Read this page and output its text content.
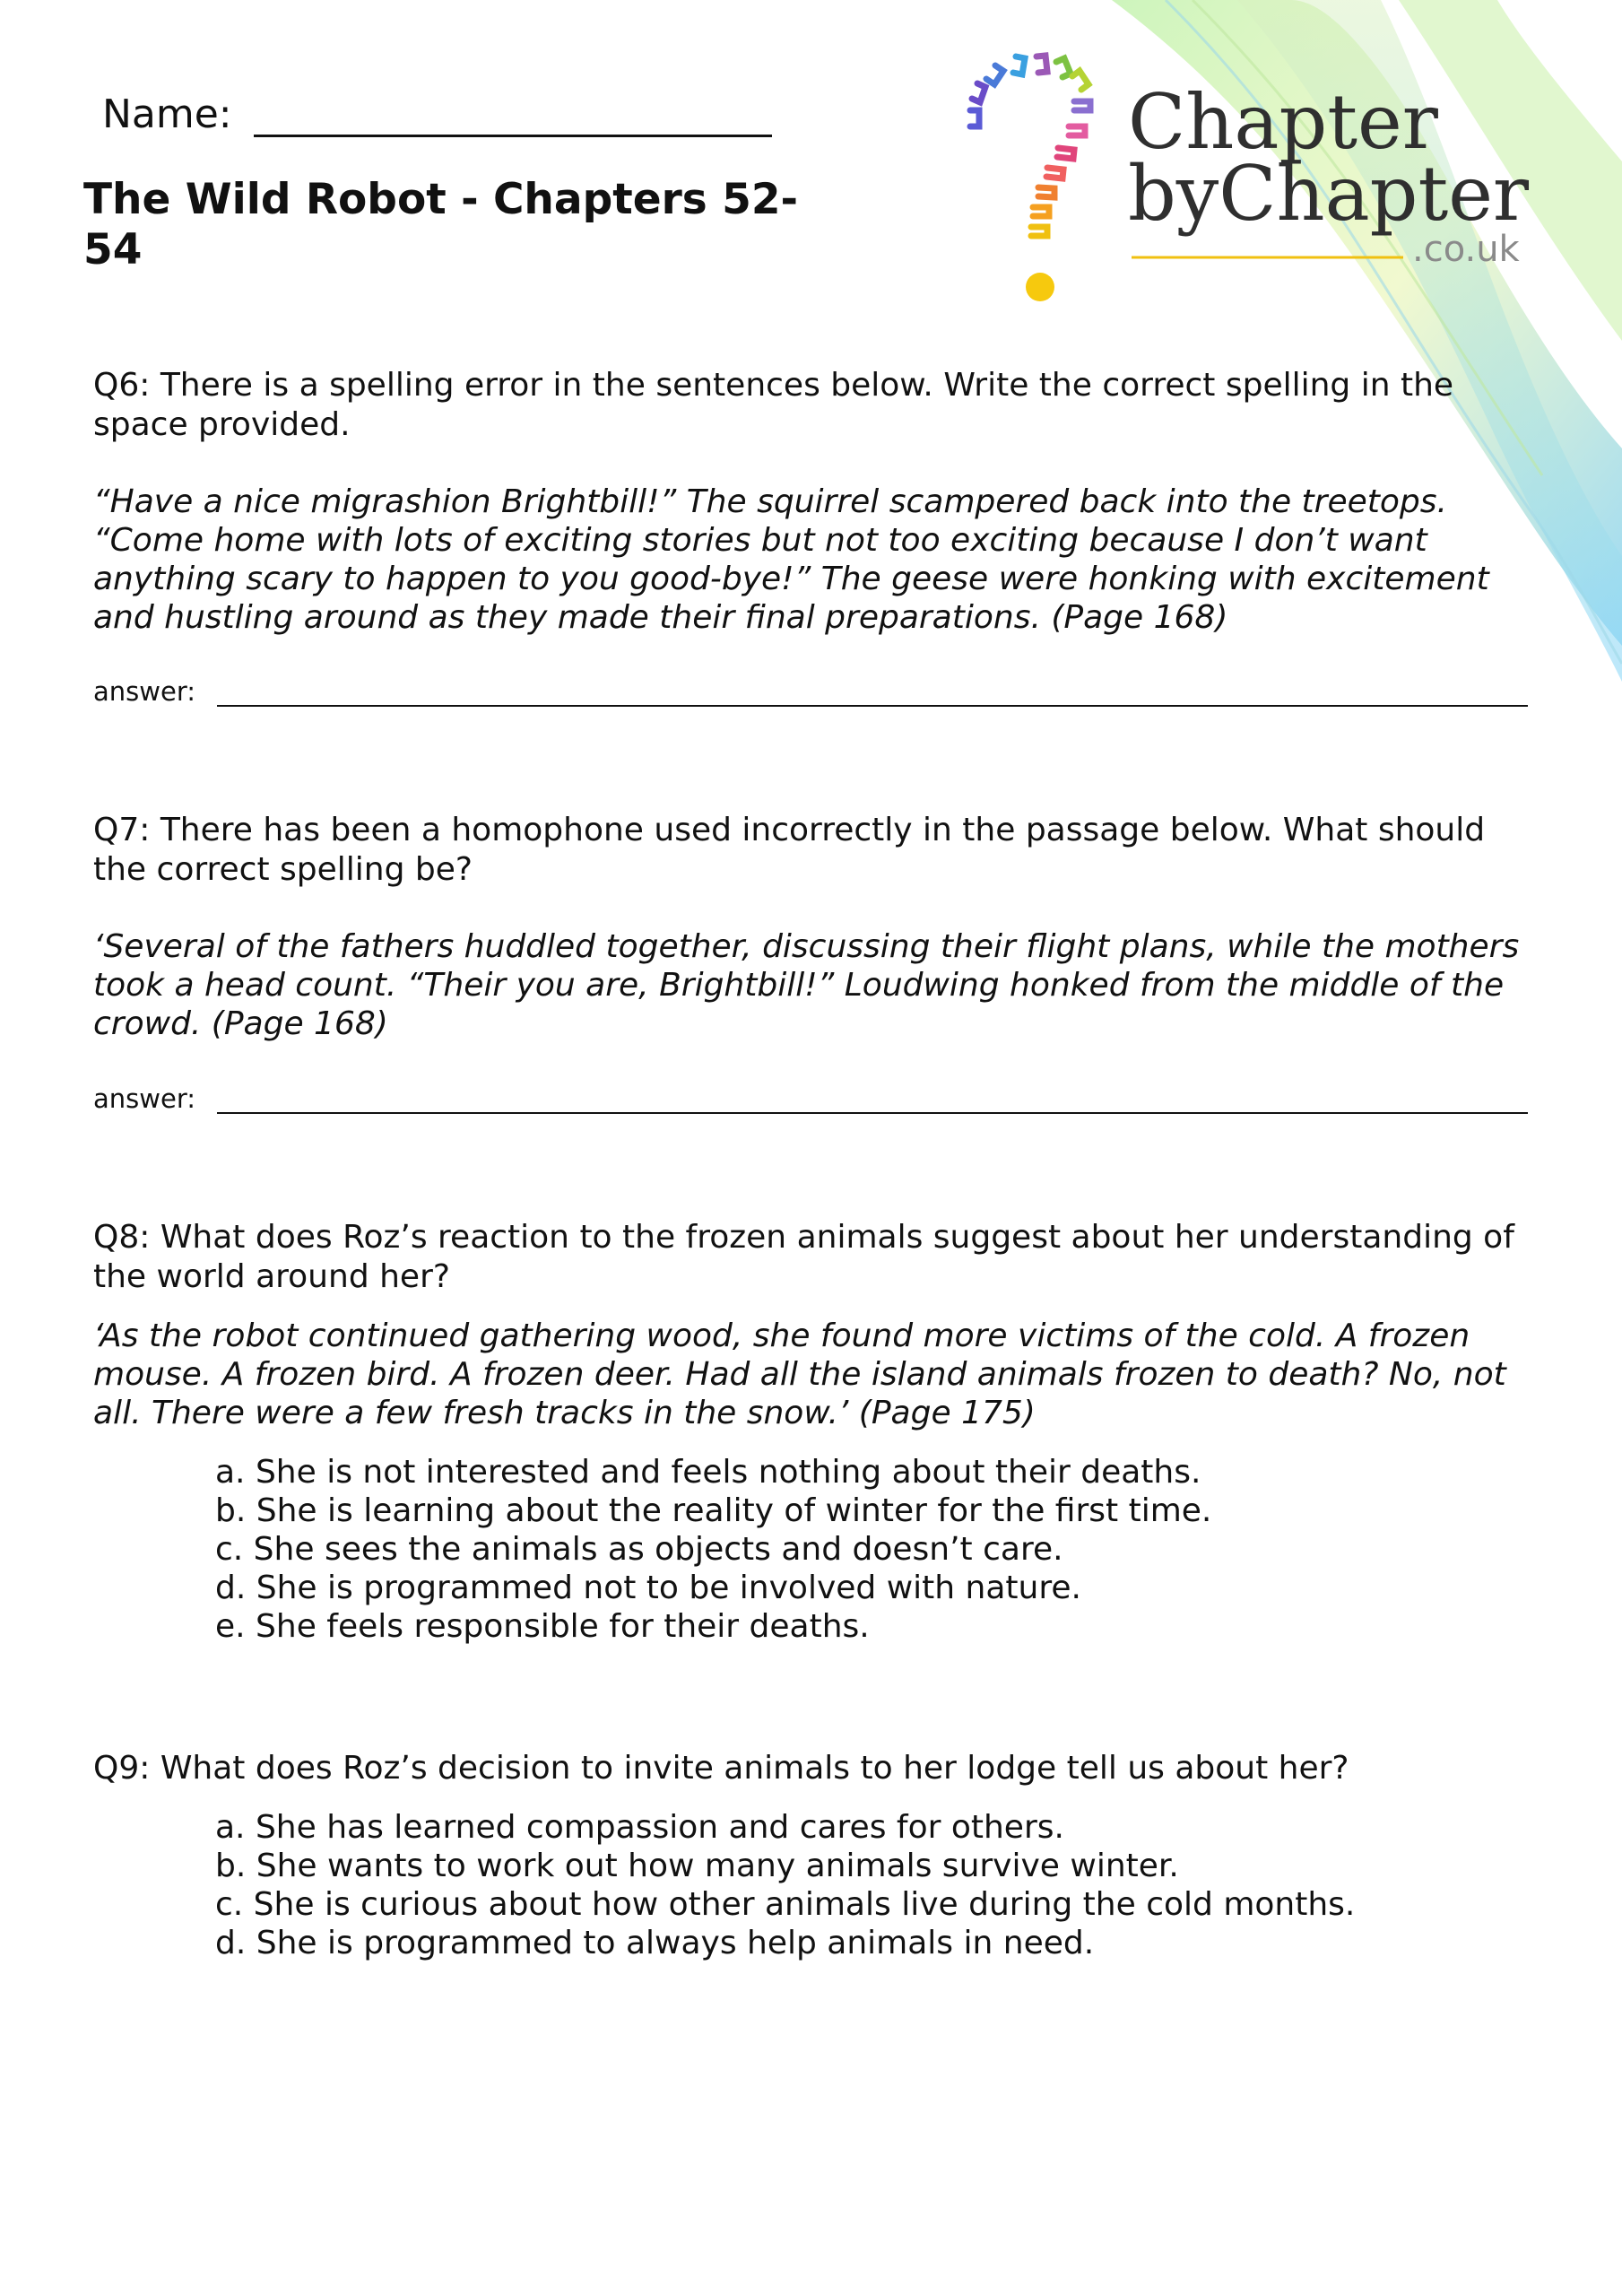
Chapter
byChapter
.co.uk
Name:
The Wild Robot - Chapters 52-54

Q6: There is a spelling error in the sentences below. Write the correct spelling in the space provided.

“Have a nice migrashion Brightbill!” The squirrel scampered back into the treetops. “Come home with lots of exciting stories but not too exciting because I don’t want anything scary to happen to you good-bye!” The geese were honking with excitement and hustling around as they made their final preparations. (Page 168)

answer:

Q7: There has been a homophone used incorrectly in the passage below. What should the correct spelling be?

‘Several of the fathers huddled together, discussing their flight plans, while the mothers took a head count. “Their you are, Brightbill!” Loudwing honked from the middle of the crowd. (Page 168)

answer:

Q8: What does Roz’s reaction to the frozen animals suggest about her understanding of the world around her?

‘As the robot continued gathering wood, she found more victims of the cold. A frozen mouse. A frozen bird. A frozen deer. Had all the island animals frozen to death? No, not all. There were a few fresh tracks in the snow.’ (Page 175)

a. She is not interested and feels nothing about their deaths.
b. She is learning about the reality of winter for the first time.
c. She sees the animals as objects and doesn’t care.
d. She is programmed not to be involved with nature.
e. She feels responsible for their deaths.

Q9: What does Roz’s decision to invite animals to her lodge tell us about her?

a. She has learned compassion and cares for others.
b. She wants to work out how many animals survive winter.
c. She is curious about how other animals live during the cold months.
d. She is programmed to always help animals in need.
